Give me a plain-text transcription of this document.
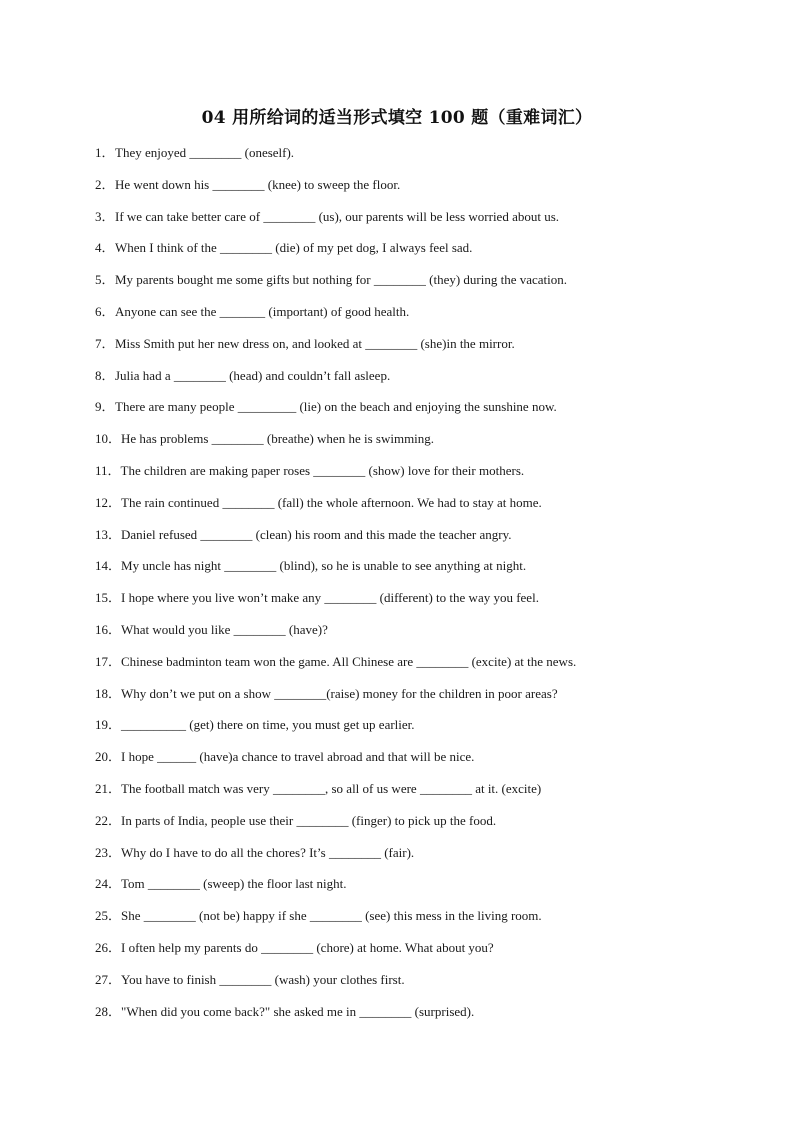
04 用所给词的适当形式填空 100 题（重难词汇）
1． They enjoyed ________ (oneself).
2． He went down his ________ (knee) to sweep the floor.
3． If we can take better care of ________ (us), our parents will be less worried about us.
4． When I think of the ________ (die) of my pet dog, I always feel sad.
5． My parents bought me some gifts but nothing for ________ (they) during the vacation.
6． Anyone can see the _______ (important) of good health.
7． Miss Smith put her new dress on, and looked at ________ (she)in the mirror.
8． Julia had a ________ (head) and couldn’t fall asleep.
9． There are many people _________ (lie) on the beach and enjoying the sunshine now.
10． He has problems ________ (breathe) when he is swimming.
11． The children are making paper roses ________ (show) love for their mothers.
12． The rain continued ________ (fall) the whole afternoon. We had to stay at home.
13． Daniel refused ________ (clean) his room and this made the teacher angry.
14． My uncle has night ________ (blind), so he is unable to see anything at night.
15． I hope where you live won’t make any ________ (different) to the way you feel.
16． What would you like ________ (have)?
17． Chinese badminton team won the game. All Chinese are ________ (excite) at the news.
18． Why don’t we put on a show ________(raise) money for the children in poor areas?
19． __________ (get) there on time, you must get up earlier.
20． I hope ______ (have)a chance to travel abroad and that will be nice.
21． The football match was very ________, so all of us were ________ at it. (excite)
22． In parts of India, people use their ________ (finger) to pick up the food.
23． Why do I have to do all the chores? It’s ________ (fair).
24． Tom ________ (sweep) the floor last night.
25． She ________ (not be) happy if she ________ (see) this mess in the living room.
26． I often help my parents do ________ (chore) at home. What about you?
27． You have to finish ________ (wash) your clothes first.
28． "When did you come back?" she asked me in ________ (surprised).
